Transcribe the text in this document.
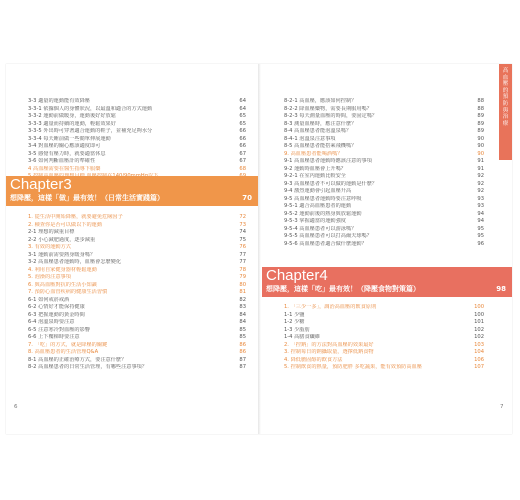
高血壓的預防與治療
3-3 適量的運動能有效降壓	64
3-3-1 依據個人的身體狀況，以最溫和適合的方式運動	64
3-3-2 運動前做暖身，運動後好好放鬆	65
3-3-3 適量而持續的運動，輕鬆效果好	65
3-3-5 外出時可穿著適合運動的鞋子，並補充足夠水分	66
3-3-4 每天睡前做一些簡單伸展運動	66
3-4 對血壓的關心應該適度即可	66
3-5 感覺有壓力時，就要適當休息	67
3-6 如何判斷血壓計的準確性	67
4 高血壓需要在醫生指導下服藥	68
Chapter3
想降壓，這樣「做」最有效！（日常生活實踐篇）	70
1. 從生活中開始降壓，就要避免危險因子	72
2. 檢查你是否可以做以下的運動	73
2-1 理想的減重目標	74
2-2 小心減肥過度，逐步減重	75
3. 有效的運動方式	76
3-1 運動前需要熱身暖身嗎？	77
3-2 高血壓患者運動時，血壓會怎麼變化	77
4. 利用自家健身器材輕鬆運動	78
5. 泡澡的注意事項	79
6. 與高血壓對抗的生活小知識	80
7. 預防心血管疾病的健康生活習慣	81
6-1 如何戒菸戒酒	82
6-2 心情好才能保持健康	83
6-3 把握運動的黃金時間	84
6-4 泡溫泉時要注意	84
6-5 注意寒冷對血壓的影響	85
6-6 上下樓梯時要注意	85
7. 「吃」的方式，就是降壓的關鍵	86
8. 高血壓患者的生活管理Q&A	86
8-1 高血壓的正確治療方式，要注意什麼？	87
8-2 高血壓患者的日常生活管理，有哪些注意事項？	87
8-2-1 高血壓，應該如何控制？	88
8-2-2 降血壓藥物，需要長期服用嗎？	88
8-2-3 每天測量血壓的時間，要固定嗎？	89
8-3 測量血壓時，應注意什麼？	89
8-4 高血壓患者能泡溫泉嗎？	89
8-4-1 泡溫泉注意事項	90
8-5 高血壓患者能搭乘飛機嗎？	90
9. 高血壓患者能喝酒嗎？	90
9-1 高血壓患者運動時應該注意的事項	91
9-2 運動時血壓會上升嗎？	91
9-2-1 在室內運動比較安全	92
9-3 高血壓患者不可以做的運動是什麼？	92
9-4 激烈運動會引起血壓升高	92
9-5 高血壓患者運動時要注意呼吸	93
9-5-1 適合高血壓患者的運動	93
9-5-2 運動前後的熱身與放鬆運動	94
9-5-3 掌握適當的運動強度	94
9-5-4 高血壓患者可以游泳嗎？	95
9-5-5 高血壓患者可以打高爾夫球嗎？	95
9-5-6 高血壓患者適合做什麼運動？	96
Chapter4
想降壓，這樣「吃」最有效！（降壓食物對策篇）	98
1. 「三少一多」，調治高血壓的飲食原則	100
1-1 少鹽	100
1-2 少糖	101
1-3 少脂肪	102
1-4 高膳食纖維	102
2. 「控鈉」的方法對高血壓的效果最好	103
3. 控制每日的鈉攝取量，選擇低鈉食物	104
4. 降低膽固醇的飲食方法	106
5. 控制飲食的熱量，預防肥胖 多吃蔬果，能有效預防高血壓	107
6	7
